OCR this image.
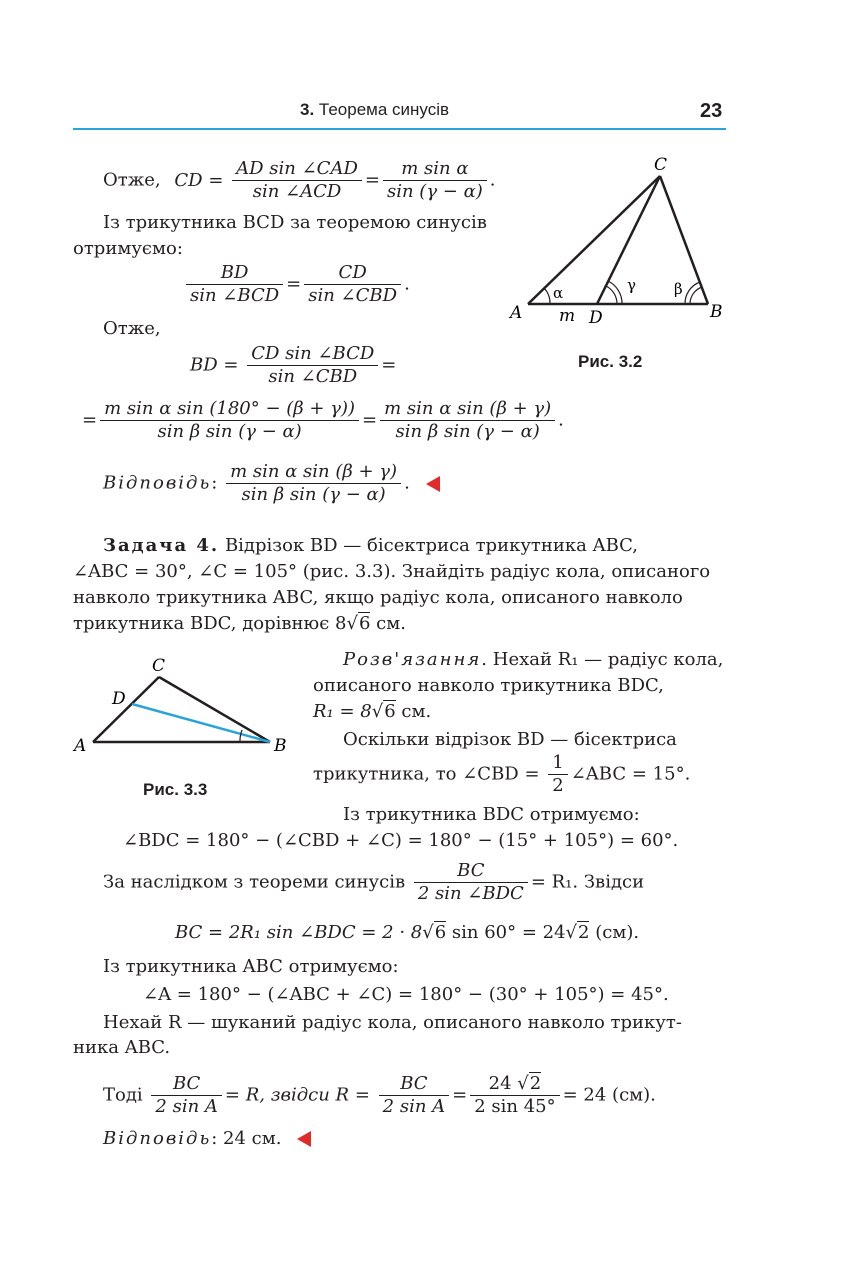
3. Теорема синусів	23
C
A	B
D
m
α	γ	β
Рис. 3.2
Отже, CD = $\frac{\text{AD sin ∠CAD}}{\text{sin ∠ACD}} = \frac{\text{m sin α}}{\sin (\gamma - \alpha)}$ .
Із трикутника BCD за теоремою синусів
отримуємо:
$\frac{BD}{\text{sin ∠BCD}} = \frac{CD}{\text{sin ∠CBD}}$ .
Отже,
BD = $\frac{\text{CD sin ∠BCD}}{\text{sin ∠CBD}}$ =
= $\frac{\text{m sin α sin (180° − (β + γ))}}{\text{sin β sin (γ − α)}} = \frac{\text{m sin α sin (β + γ)}}{\text{sin β sin (γ − α)}}$ .
Відповідь: $\frac{\text{m sin α sin (β + γ)}}{\text{sin β sin (γ − α)}}$ .
Задача 4. Відрізок BD — бісектриса трикутника ABC,
∠ABC = 30°, ∠C = 105° (рис. 3.3). Знайдіть радіус кола, описаного
навколо трикутника ABC, якщо радіус кола, описаного навколо
трикутника BDC, дорівнює 8√6 см.
C
D
A	B
Рис. 3.3
Розв'язання. Нехай R₁ — радіус кола,
описаного навколо трикутника BDC,
R₁ = 8√6 см.
Оскільки відрізок BD — бісектриса
трикутника, то ∠CBD = $\frac{1}{2}$ ∠ABC = 15°.
Із трикутника BDC отримуємо:
∠BDC = 180° − (∠CBD + ∠C) = 180° − (15° + 105°) = 60°.
За наслідком з теореми синусів $\frac{BC}{\text{2 sin ∠BDC}} = R_1$. Звідси
BC = 2R₁ sin ∠BDC = 2 · 8√6 sin 60° = 24√2 (см).
Із трикутника ABC отримуємо:
∠A = 180° − (∠ABC + ∠C) = 180° − (30° + 105°) = 45°.
Нехай R — шуканий радіус кола, описаного навколо трикут-
ника ABC.
Тоді $\frac{BC}{\text{2 sin A}} = R$, звідси $R = \frac{BC}{\text{2 sin A}} = \frac{24 √2}{2 \sin 45^\circ} = 24$ (см).
Відповідь: 24 см.
